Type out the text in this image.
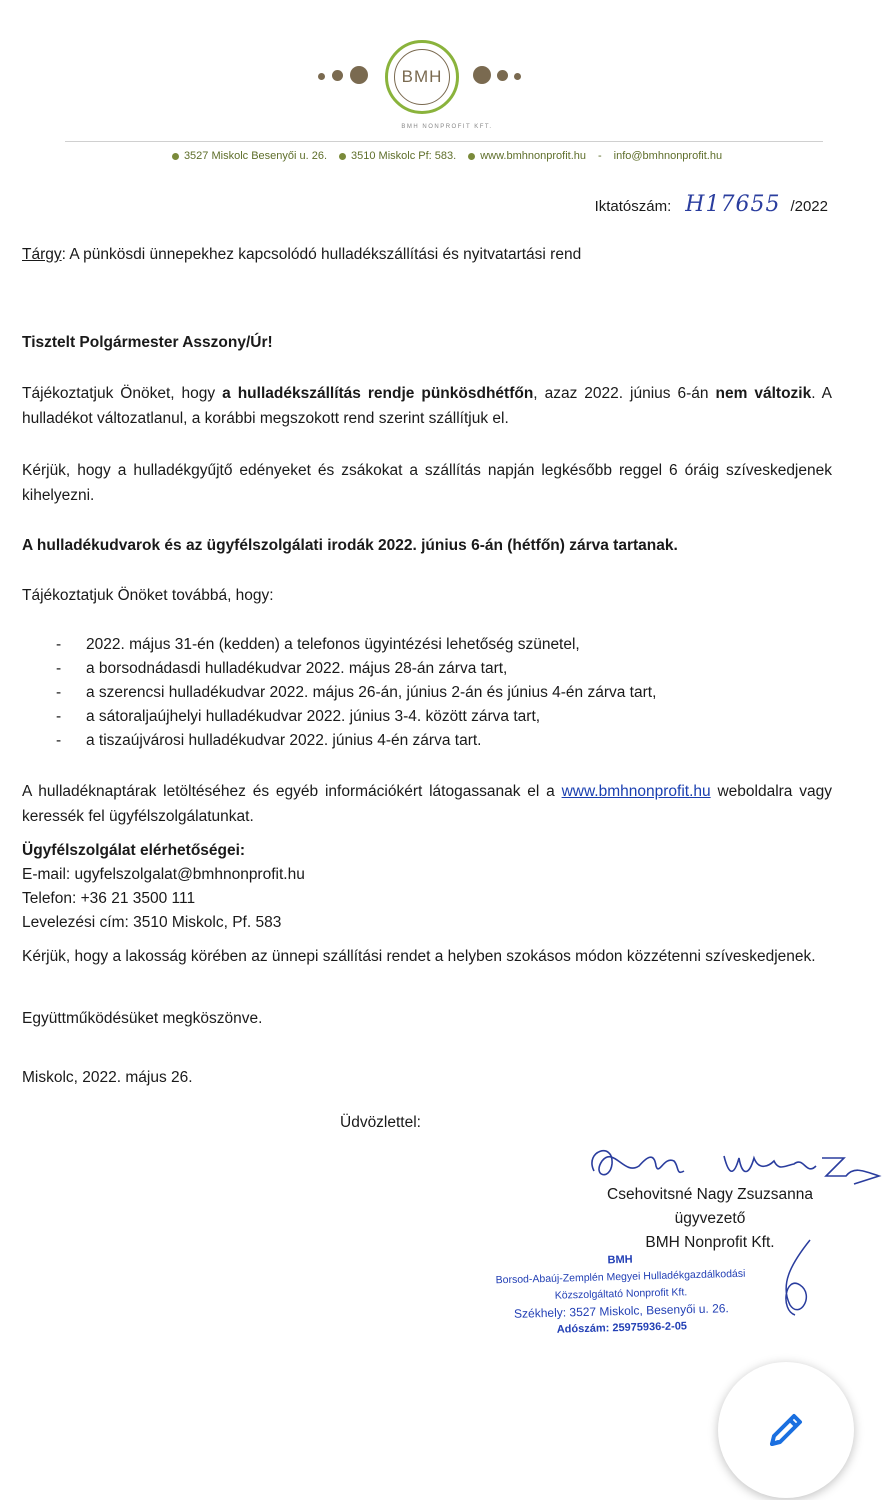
BMH
BMH NONPROFIT KFT.
3527 Miskolc Besenyői u. 26. 3510 Miskolc Pf: 583. www.bmhnonprofit.hu - info@bmhnonprofit.hu
Iktatószám: H17655 /2022
Tárgy: A pünkösdi ünnepekhez kapcsolódó hulladékszállítási és nyitvatartási rend
Tisztelt Polgármester Asszony/Úr!
Tájékoztatjuk Önöket, hogy a hulladékszállítás rendje pünkösdhétfőn, azaz 2022. június 6-án nem változik. A hulladékot változatlanul, a korábbi megszokott rend szerint szállítjuk el.
Kérjük, hogy a hulladékgyűjtő edényeket és zsákokat a szállítás napján legkésőbb reggel 6 óráig szíveskedjenek kihelyezni.
A hulladékudvarok és az ügyfélszolgálati irodák 2022. június 6-án (hétfőn) zárva tartanak.
Tájékoztatjuk Önöket továbbá, hogy:
- 2022. május 31-én (kedden) a telefonos ügyintézési lehetőség szünetel,
- a borsodnádasdi hulladékudvar 2022. május 28-án zárva tart,
- a szerencsi hulladékudvar 2022. május 26-án, június 2-án és június 4-én zárva tart,
- a sátoraljaújhelyi hulladékudvar 2022. június 3-4. között zárva tart,
- a tiszaújvárosi hulladékudvar 2022. június 4-én zárva tart.
A hulladéknaptárak letöltéséhez és egyéb információkért látogassanak el a www.bmhnonprofit.hu weboldalra vagy keressék fel ügyfélszolgálatunkat.
Ügyfélszolgálat elérhetőségei:
E-mail: ugyfelszolgalat@bmhnonprofit.hu
Telefon: +36 21 3500 111
Levelezési cím: 3510 Miskolc, Pf. 583
Kérjük, hogy a lakosság körében az ünnepi szállítási rendet a helyben szokásos módon közzétenni szíveskedjenek.
Együttműködésüket megköszönve.
Miskolc, 2022. május 26.
Üdvözlettel:
Csehovitsné Nagy Zsuzsanna
ügyvezető
BMH Nonprofit Kft.
BMH
Borsod-Abaúj-Zemplén Megyei Hulladékgazdálkodási
Közszolgáltató Nonprofit Kft.
Székhely: 3527 Miskolc, Besenyői u. 26.
Adószám: 25975936-2-05
